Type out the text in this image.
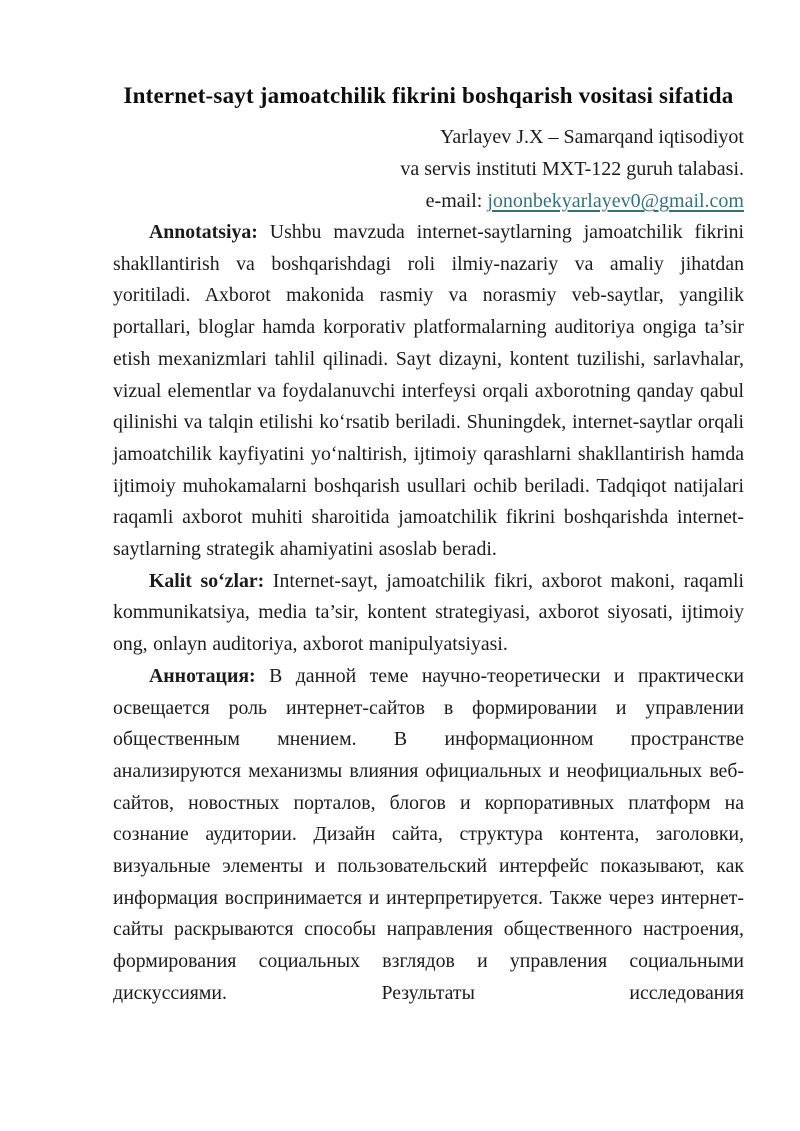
Internet-sayt jamoatchilik fikrini boshqarish vositasi sifatida
Yarlayev J.X – Samarqand iqtisodiyot
va servis instituti MXT-122 guruh talabasi.
e-mail: jononbekyarlayev0@gmail.com

Annotatsiya: Ushbu mavzuda internet-saytlarning jamoatchilik fikrini shakllantirish va boshqarishdagi roli ilmiy-nazariy va amaliy jihatdan yoritiladi. Axborot makonida rasmiy va norasmiy veb-saytlar, yangilik portallari, bloglar hamda korporativ platformalarning auditoriya ongiga ta’sir etish mexanizmlari tahlil qilinadi. Sayt dizayni, kontent tuzilishi, sarlavhalar, vizual elementlar va foydalanuvchi interfeysi orqali axborotning qanday qabul qilinishi va talqin etilishi ko‘rsatib beriladi. Shuningdek, internet-saytlar orqali jamoatchilik kayfiyatini yo‘naltirish, ijtimoiy qarashlarni shakllantirish hamda ijtimoiy muhokamalarni boshqarish usullari ochib beriladi. Tadqiqot natijalari raqamli axborot muhiti sharoitida jamoatchilik fikrini boshqarishda internet-saytlarning strategik ahamiyatini asoslab beradi.

Kalit so‘zlar: Internet-sayt, jamoatchilik fikri, axborot makoni, raqamli kommunikatsiya, media ta’sir, kontent strategiyasi, axborot siyosati, ijtimoiy ong, onlayn auditoriya, axborot manipulyatsiyasi.

Аннотация: В данной теме научно-теоретически и практически освещается роль интернет-сайтов в формировании и управлении общественным мнением. В информационном пространстве анализируются механизмы влияния официальных и неофициальных веб-сайтов, новостных порталов, блогов и корпоративных платформ на сознание аудитории. Дизайн сайта, структура контента, заголовки, визуальные элементы и пользовательский интерфейс показывают, как информация воспринимается и интерпретируется. Также через интернет-сайты раскрываются способы направления общественного настроения, формирования социальных взглядов и управления социальными дискуссиями. Результаты исследования
